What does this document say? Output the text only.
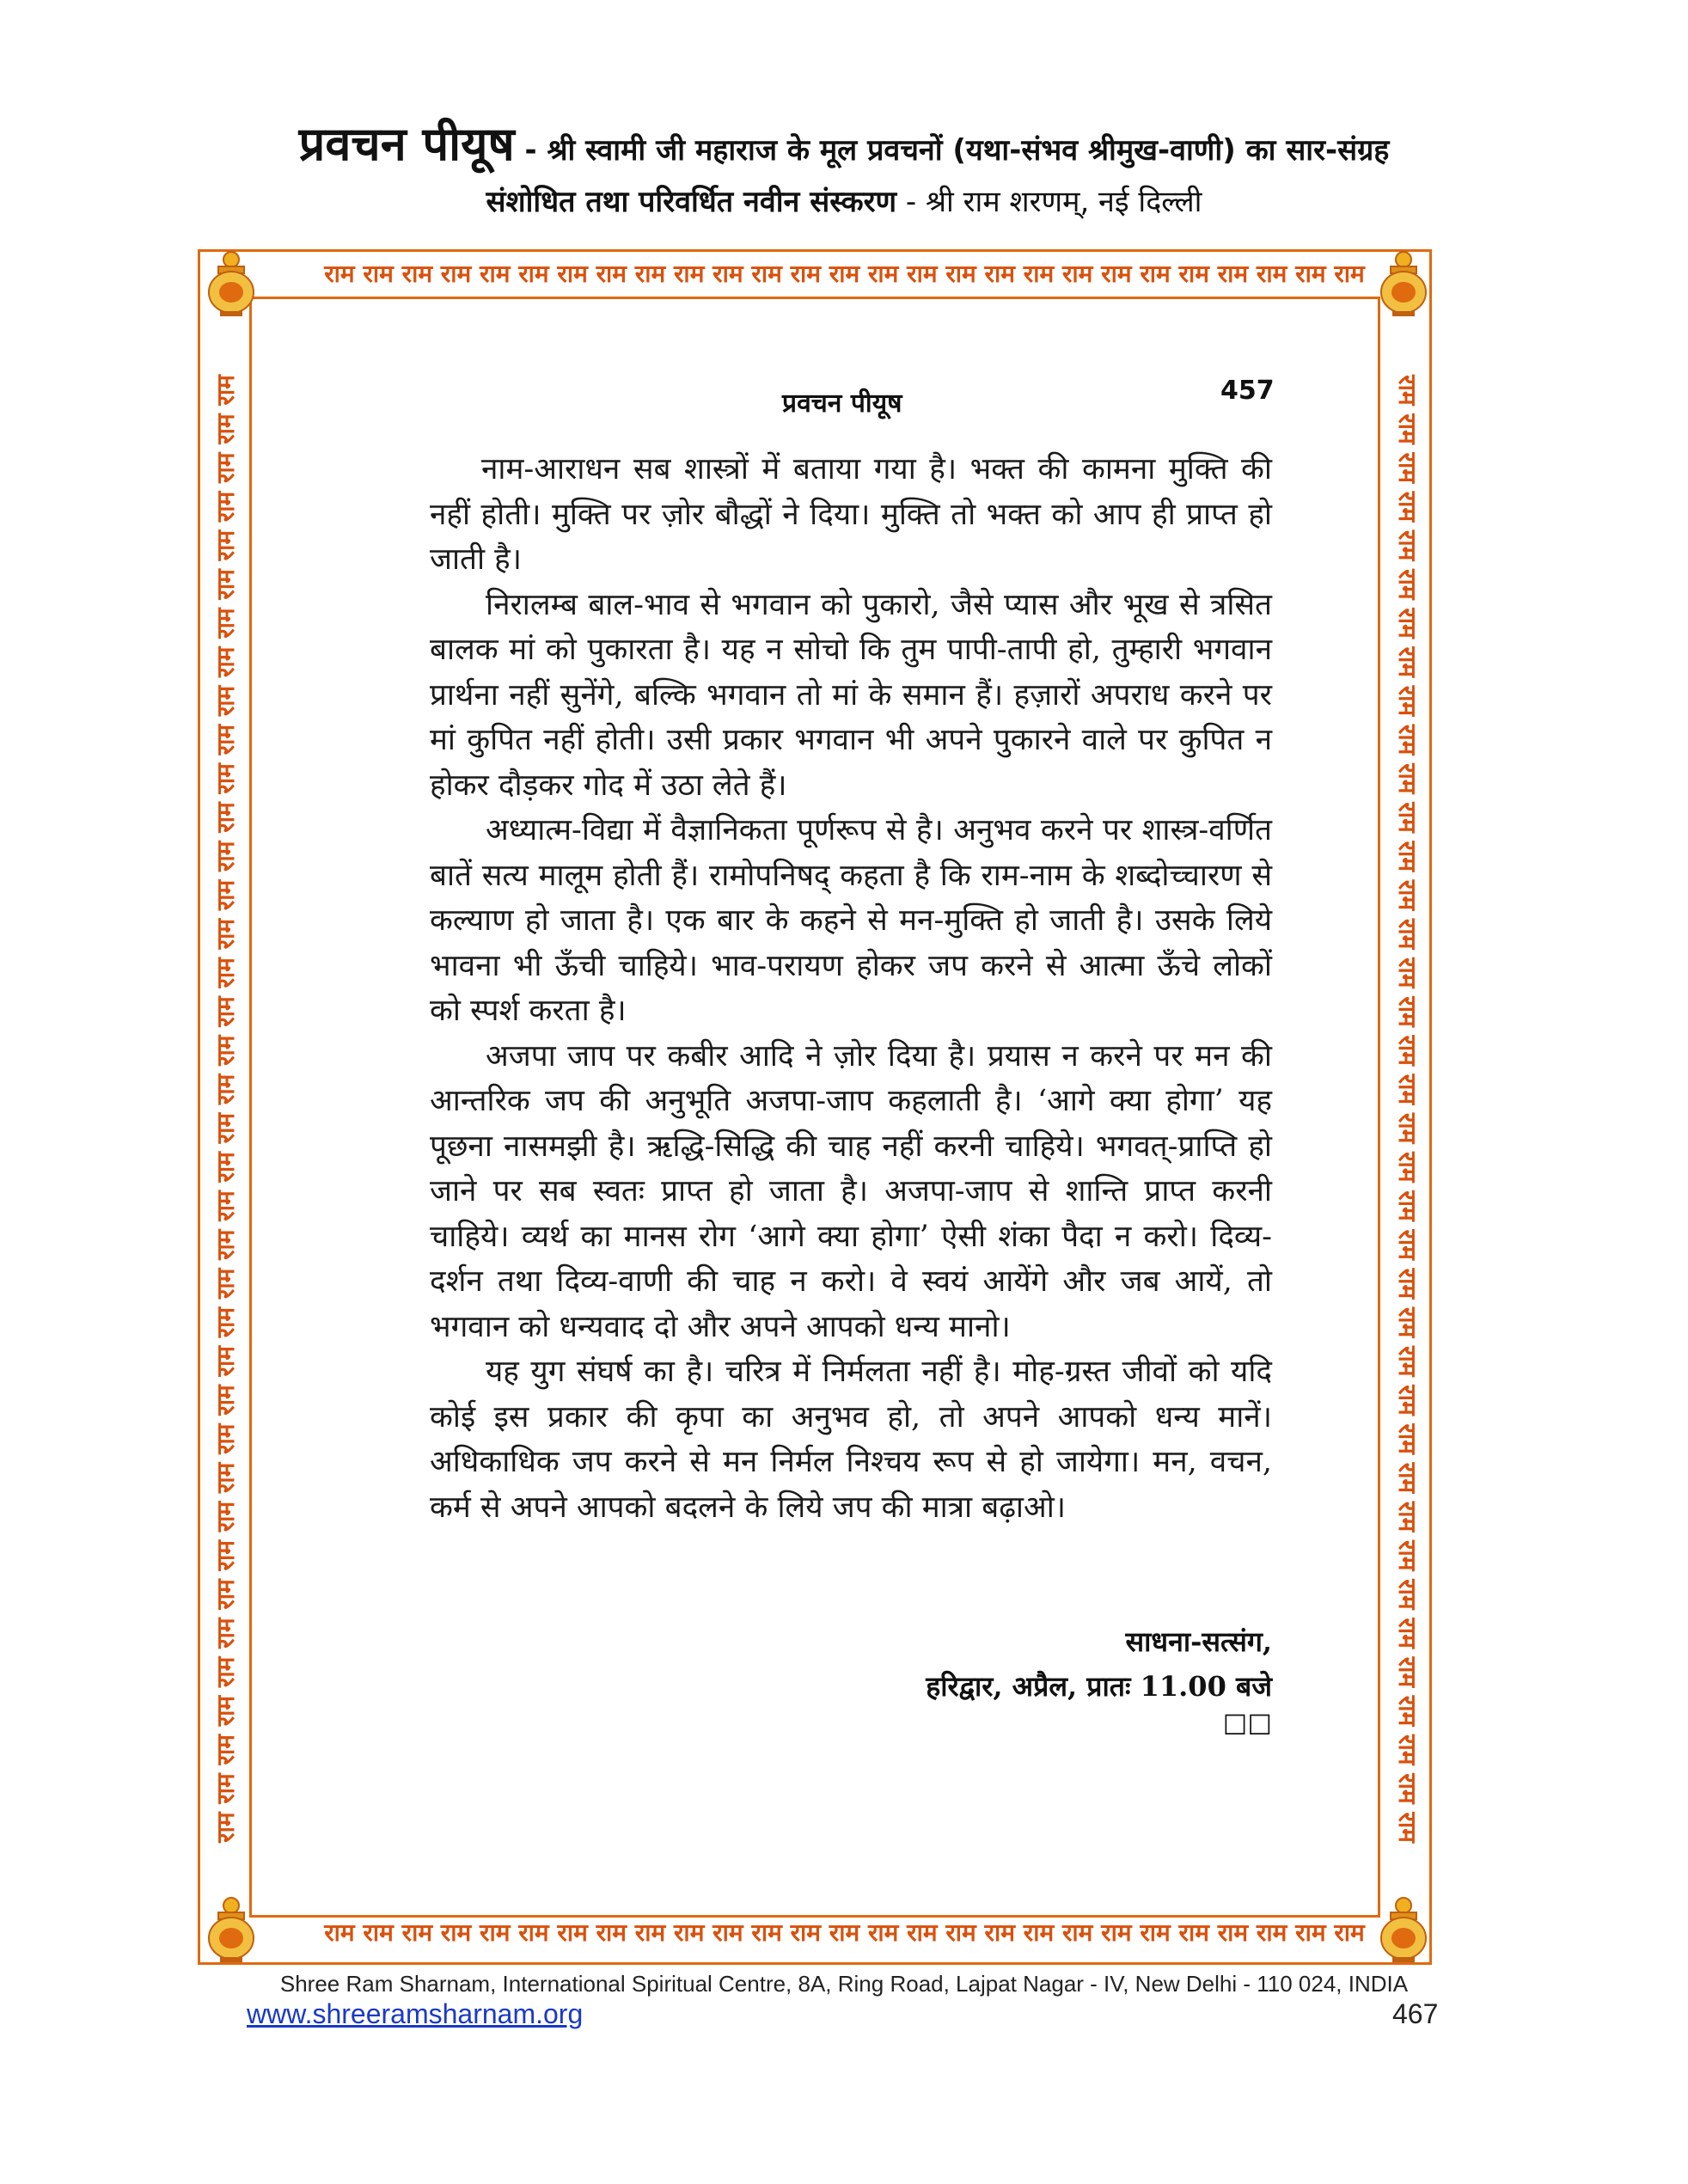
प्रवचन पीयूष - श्री स्वामी जी महाराज के मूल प्रवचनों (यथा-संभव श्रीमुख-वाणी) का सार-संग्रह
संशोधित तथा परिवर्धित नवीन संस्करण - श्री राम शरणम्, नई दिल्ली
राम राम राम राम राम राम राम राम राम राम राम राम राम राम राम राम राम राम राम राम राम राम राम राम राम राम राम
राम राम राम राम राम राम राम राम राम राम राम राम राम राम राम राम राम राम राम राम राम राम राम राम राम राम राम
राम राम राम राम राम राम राम राम राम राम राम राम राम राम राम राम राम राम राम राम राम राम राम राम राम राम राम राम राम राम राम राम राम राम राम राम राम राम	राम राम राम राम राम राम राम राम राम राम राम राम राम राम राम राम राम राम राम राम राम राम राम राम राम राम राम राम राम राम राम राम राम राम राम राम राम राम
प्रवचन पीयूष	457

नाम-आराधन सब शास्त्रों में बताया गया है। भक्त की कामना मुक्ति की नहीं होती। मुक्ति पर ज़ोर बौद्धों ने दिया। मुक्ति तो भक्त को आप ही प्राप्त हो जाती है।

निरालम्ब बाल-भाव से भगवान को पुकारो, जैसे प्यास और भूख से त्रसित बालक मां को पुकारता है। यह न सोचो कि तुम पापी-तापी हो, तुम्हारी भगवान प्रार्थना नहीं सुनेंगे, बल्कि भगवान तो मां के समान हैं। हज़ारों अपराध करने पर मां कुपित नहीं होती। उसी प्रकार भगवान भी अपने पुकारने वाले पर कुपित न होकर दौड़कर गोद में उठा लेते हैं।

अध्यात्म-विद्या में वैज्ञानिकता पूर्णरूप से है। अनुभव करने पर शास्त्र-वर्णित बातें सत्य मालूम होती हैं। रामोपनिषद् कहता है कि राम-नाम के शब्दोच्चारण से कल्याण हो जाता है। एक बार के कहने से मन-मुक्ति हो जाती है। उसके लिये भावना भी ऊँची चाहिये। भाव-परायण होकर जप करने से आत्मा ऊँचे लोकों को स्पर्श करता है।

अजपा जाप पर कबीर आदि ने ज़ोर दिया है। प्रयास न करने पर मन की आन्तरिक जप की अनुभूति अजपा-जाप कहलाती है। ‘आगे क्या होगा’ यह पूछना नासमझी है। ऋद्धि-सिद्धि की चाह नहीं करनी चाहिये। भगवत्-प्राप्ति हो जाने पर सब स्वतः प्राप्त हो जाता है। अजपा-जाप से शान्ति प्राप्त करनी चाहिये। व्यर्थ का मानस रोग ‘आगे क्या होगा’ ऐसी शंका पैदा न करो। दिव्य-दर्शन तथा दिव्य-वाणी की चाह न करो। वे स्वयं आयेंगे और जब आयें, तो भगवान को धन्यवाद दो और अपने आपको धन्य मानो।

यह युग संघर्ष का है। चरित्र में निर्मलता नहीं है। मोह-ग्रस्त जीवों को यदि कोई इस प्रकार की कृपा का अनुभव हो, तो अपने आपको धन्य मानें। अधिकाधिक जप करने से मन निर्मल निश्चय रूप से हो जायेगा। मन, वचन, कर्म से अपने आपको बदलने के लिये जप की मात्रा बढ़ाओ।

साधना-सत्संग,
हरिद्वार, अप्रैल, प्रातः 11.00 बजे
☐☐
Shree Ram Sharnam, International Spiritual Centre, 8A, Ring Road, Lajpat Nagar - IV, New Delhi - 110 024, INDIA
www.shreeramsharnam.org	467
